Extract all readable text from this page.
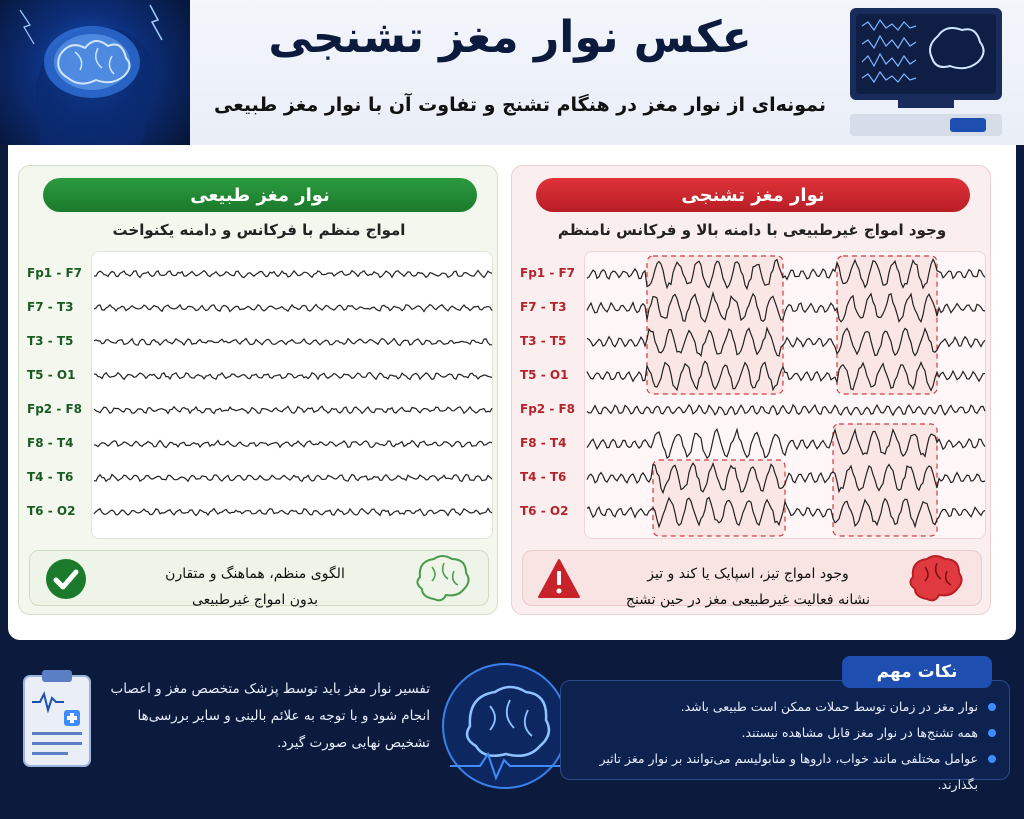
عکس نوار مغز تشنجی
نمونه‌ای از نوار مغز در هنگام تشنج و تفاوت آن با نوار مغز طبیعی
نوار مغز طبیعی
امواج منظم با فرکانس و دامنه یکنواخت
Fp1 - F7
F7 - T3
T3 - T5
T5 - O1
Fp2 - F8
F8 - T4
T4 - T6
T6 - O2
الگوی منظم، هماهنگ و متقارن
بدون امواج غیرطبیعی
نوار مغز تشنجی
وجود امواج غیرطبیعی با دامنه بالا و فرکانس نامنظم
Fp1 - F7
F7 - T3
T3 - T5
T5 - O1
Fp2 - F8
F8 - T4
T4 - T6
T6 - O2
وجود امواج تیز، اسپایک یا کند و تیز
نشانه فعالیت غیرطبیعی مغز در حین تشنج
تفسیر نوار مغز باید توسط پزشک متخصص مغز و اعصاب انجام شود و با توجه به علائم بالینی و سایر بررسی‌ها تشخیص نهایی صورت گیرد.
نکات مهم
نوار مغز در زمان توسط حملات ممکن است طبیعی باشد.
همه تشنج‌ها در نوار مغز قابل مشاهده نیستند.
عوامل مختلفی مانند خواب، داروها و متابولیسم می‌توانند بر نوار مغز تاثیر بگذارند.
